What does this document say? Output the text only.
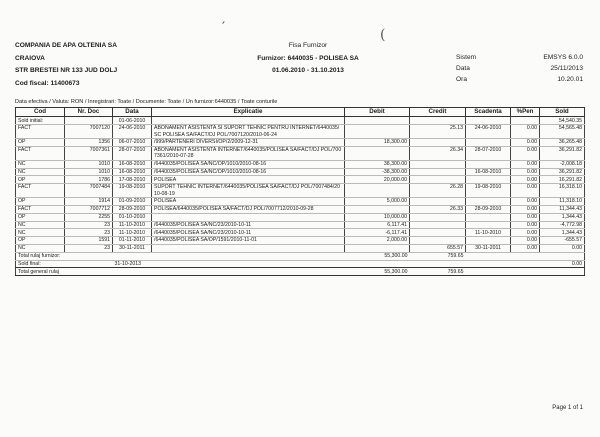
′	(
COMPANIA DE APA OLTENIA SA
CRAIOVA
STR BRESTEI NR 133 JUD DOLJ
Cod fiscal: 11400673
Fisa Furnizor
Furnizor: 6440035 - POLISEA SA
01.06.2010 - 31.10.2013
Sistem
Data
Ora
EMSYS 6.0.0
25/11/2013
10.20.01
Data efectiva / Valuta: RON / Inregistrari: Toate / Documente: Toate / Un furnizor:6440035 / Toate conturile
Cod	Nr. Doc	Data	Explicatie	Debit	Credit	Scadenta	%Pen	Sold
Sold initial:		01-06-2010						54,540.35
FACT	7007120	24-06-2010	ABONAMENT ASISTENTA SI SUPORT TEHNIC PENTRU INTERNET/6440035/SC POLISEA SA/FACT/DJ POL/7007120/2010-06-24		25.13	24-06-2010	0.00	54,565.48
OP	1356	06-07-2010	/999/PARTENERI DIVERSI/OP/2/2009-12-31	18,300.00			0.00	36,265.48
FACT	7007361	28-07-2010	ABONAMENT ASISTENTA INTERNET/6440035/POLISEA SA/FACT/DJ POL/7007361/2010-07-28		26.34	28-07-2010	0.00	36,291.82
NC	1010	16-08-2010	/6440035/POLISEA SA/NC/OP/1010/2010-08-16	38,300.00			0.00	-2,008.18
NC	1010	16-08-2010	/6440035/POLISEA SA/NC/OP/1010/2010-08-16	-38,300.00		16-08-2010	0.00	36,291.82
OP	1786	17-08-2010	POLISEA	20,000.00			0.00	16,291.82
FACT	7007484	19-08-2010	SUPORT TEHNIC INTERNET/6440035/POLISEA SA/FACT/DJ POL/7007484/2010-08-19		26.28	19-08-2010	0.00	16,318.10
OP	1914	01-09-2010	POLISEA	5,000.00			0.00	11,318.10
FACT	7007712	28-09-2010	POLISEA/6440035/POLISEA SA/FACT/DJ POL/7007712/2010-09-28		26.33	28-09-2010	0.00	11,344.43
OP	2255	01-10-2010		10,000.00			0.00	1,344.43
NC	23	11-10-2010	/6440035/POLISEA SA/NC/23/2010-10-11	6,117.41			0.00	-4,772.98
NC	23	11-10-2010	/6440035/POLISEA SA/NC/23/2010-10-11	-6,117.41		11-10-2010	0.00	1,344.43
OP	1591	01-11-2010	/6440035/POLISEA SA/OP/1591/2010-11-01	2,000.00			0.00	-655.57
NC	23	30-11-2011			655.57	30-11-2011	0.00	0.00
Total rulaj furnizor:				55,300.00	759.65			
Sold final:		31-10-2013						0.00
Total general rulaj				55,300.00	759.65			
Page 1 of 1
